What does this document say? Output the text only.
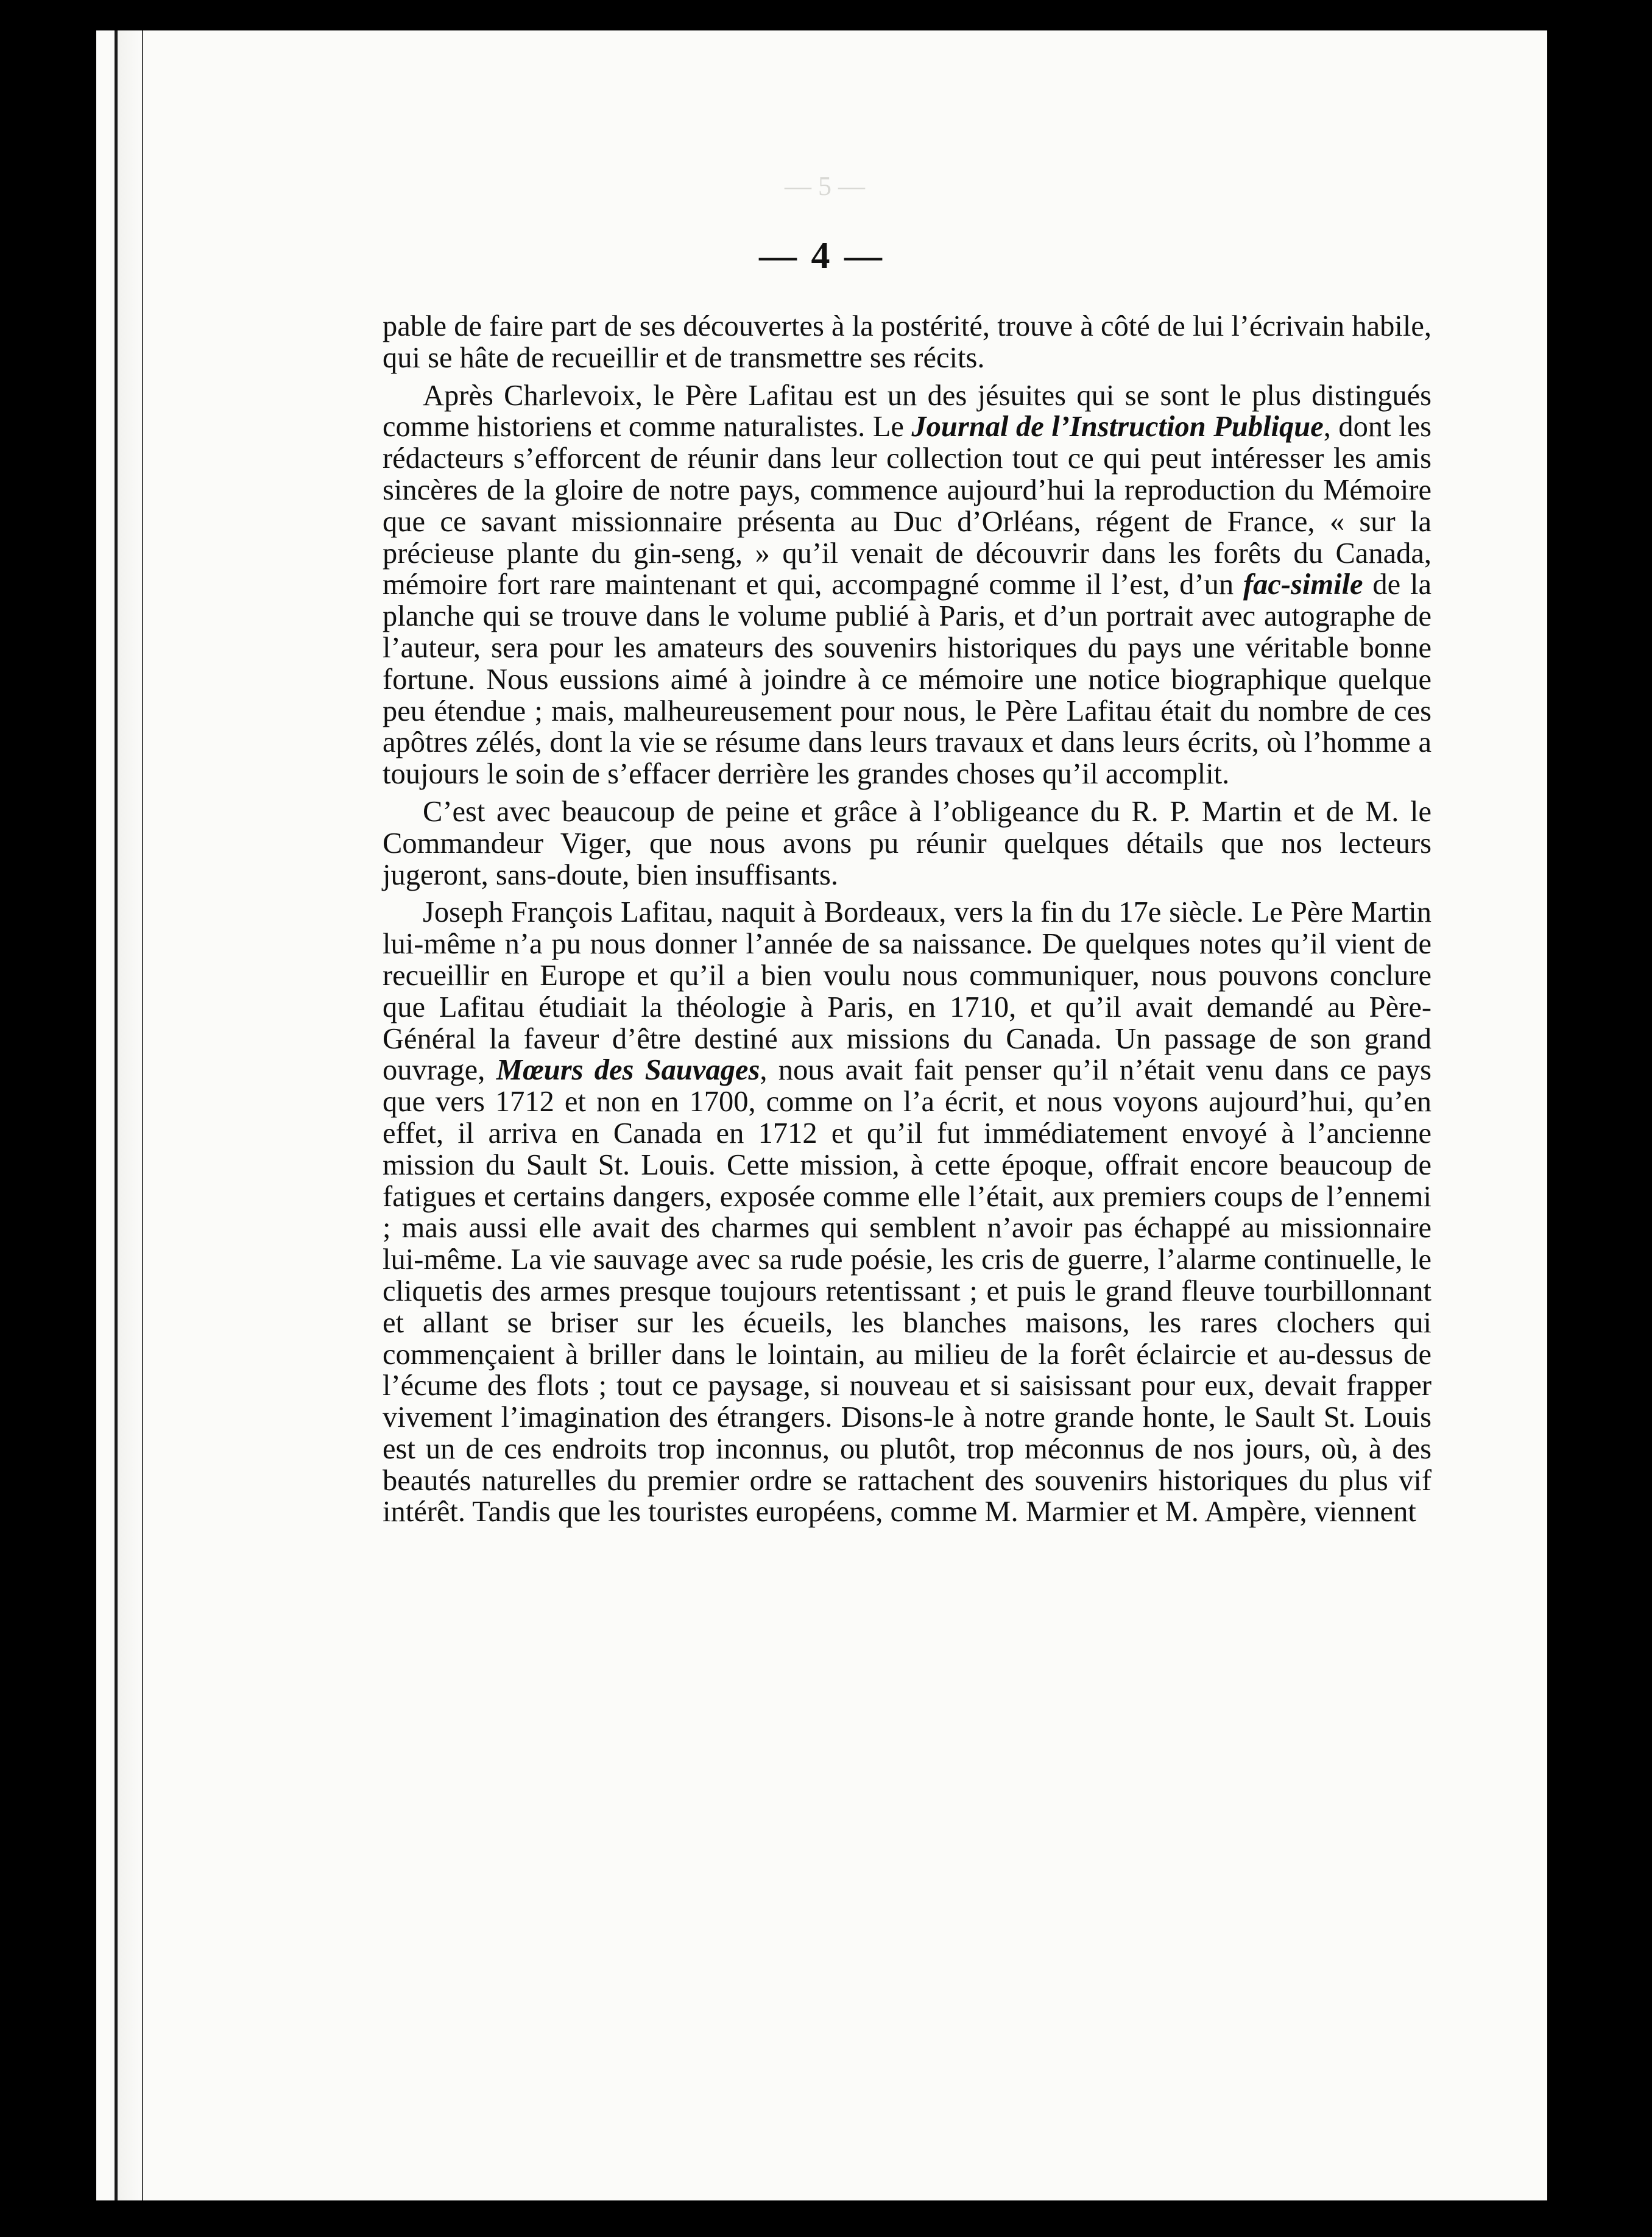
— 5 —
— 4 —

pable de faire part de ses découvertes à la postérité, trouve à côté de lui l’écrivain habile, qui se hâte de recueillir et de transmettre ses récits.

Après Charlevoix, le Père Lafitau est un des jésuites qui se sont le plus distingués comme historiens et comme naturalistes. Le Journal de l’Instruction Publique, dont les rédacteurs s’efforcent de réunir dans leur collection tout ce qui peut intéresser les amis sincères de la gloire de notre pays, commence aujourd’hui la reproduction du Mémoire que ce savant missionnaire présenta au Duc d’Orléans, régent de France, « sur la précieuse plante du gin-seng, » qu’il venait de découvrir dans les forêts du Canada, mémoire fort rare maintenant et qui, accompagné comme il l’est, d’un fac-simile de la planche qui se trouve dans le volume publié à Paris, et d’un portrait avec autographe de l’auteur, sera pour les amateurs des souvenirs historiques du pays une véritable bonne fortune. Nous eussions aimé à joindre à ce mémoire une notice biographique quelque peu étendue ; mais, malheureusement pour nous, le Père Lafitau était du nombre de ces apôtres zélés, dont la vie se résume dans leurs travaux et dans leurs écrits, où l’homme a toujours le soin de s’effacer derrière les grandes choses qu’il accomplit.

C’est avec beaucoup de peine et grâce à l’obligeance du R. P. Martin et de M. le Commandeur Viger, que nous avons pu réunir quelques détails que nos lecteurs jugeront, sans-doute, bien insuffisants.

Joseph François Lafitau, naquit à Bordeaux, vers la fin du 17e siècle. Le Père Martin lui-même n’a pu nous donner l’année de sa naissance. De quelques notes qu’il vient de recueillir en Europe et qu’il a bien voulu nous communiquer, nous pouvons conclure que Lafitau étudiait la théologie à Paris, en 1710, et qu’il avait demandé au Père-Général la faveur d’être destiné aux missions du Canada. Un passage de son grand ouvrage, Mœurs des Sauvages, nous avait fait penser qu’il n’était venu dans ce pays que vers 1712 et non en 1700, comme on l’a écrit, et nous voyons aujourd’hui, qu’en effet, il arriva en Canada en 1712 et qu’il fut immédiatement envoyé à l’ancienne mission du Sault St. Louis. Cette mission, à cette époque, offrait encore beaucoup de fatigues et certains dangers, exposée comme elle l’était, aux premiers coups de l’ennemi ; mais aussi elle avait des charmes qui semblent n’avoir pas échappé au missionnaire lui-même. La vie sauvage avec sa rude poésie, les cris de guerre, l’alarme continuelle, le cliquetis des armes presque toujours retentissant ; et puis le grand fleuve tourbillonnant et allant se briser sur les écueils, les blanches maisons, les rares clochers qui commençaient à briller dans le lointain, au milieu de la forêt éclaircie et au-dessus de l’écume des flots ; tout ce paysage, si nouveau et si saisissant pour eux, devait frapper vivement l’imagination des étrangers. Disons-le à notre grande honte, le Sault St. Louis est un de ces endroits trop inconnus, ou plutôt, trop méconnus de nos jours, où, à des beautés naturelles du premier ordre se rattachent des souvenirs historiques du plus vif intérêt. Tandis que les touristes européens, comme M. Marmier et M. Ampère, viennent
